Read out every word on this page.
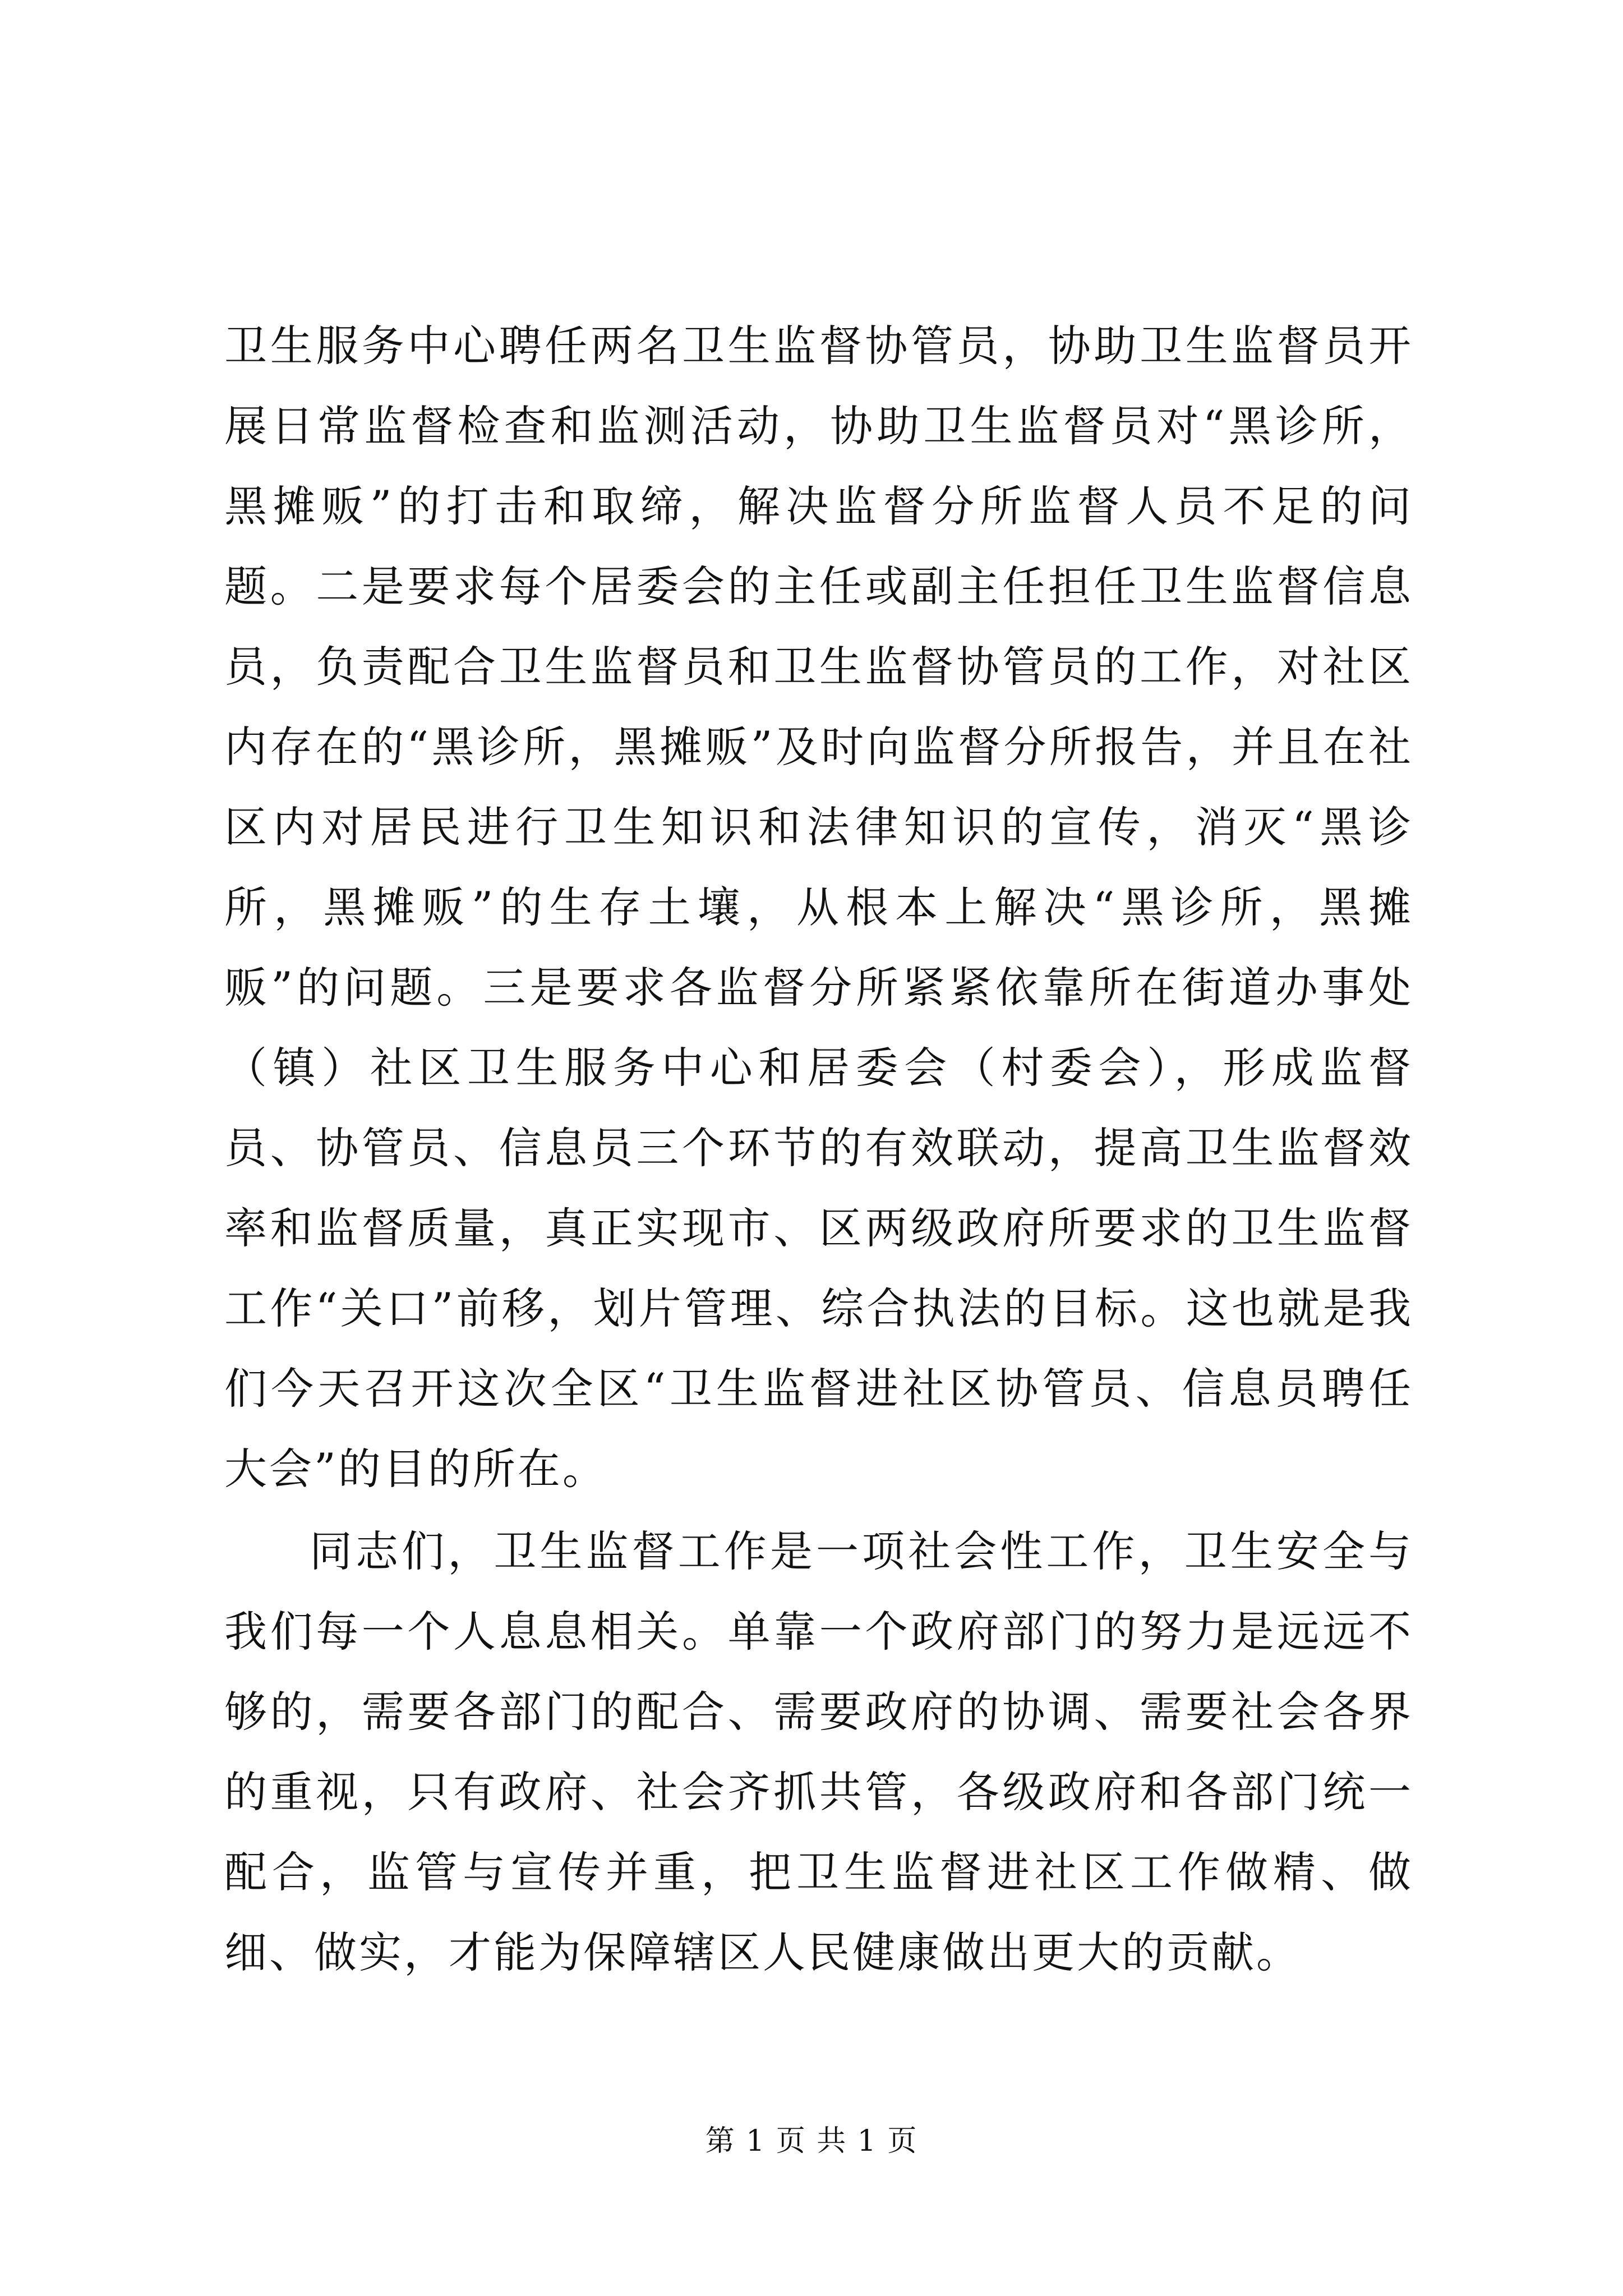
卫生服务中心聘任两名卫生监督协管员，协助卫生监督员开展日常监督检查和监测活动，协助卫生监督员对“黑诊所，黑摊贩”的打击和取缔，解决监督分所监督人员不足的问题。二是要求每个居委会的主任或副主任担任卫生监督信息员，负责配合卫生监督员和卫生监督协管员的工作，对社区内存在的“黑诊所，黑摊贩”及时向监督分所报告，并且在社区内对居民进行卫生知识和法律知识的宣传，消灭“黑诊所，黑摊贩”的生存土壤，从根本上解决“黑诊所，黑摊贩”的问题。三是要求各监督分所紧紧依靠所在街道办事处（镇）社区卫生服务中心和居委会（村委会），形成监督员、协管员、信息员三个环节的有效联动，提高卫生监督效率和监督质量，真正实现市、区两级政府所要求的卫生监督工作“关口”前移，划片管理、综合执法的目标。这也就是我们今天召开这次全区“卫生监督进社区协管员、信息员聘任大会”的目的所在。

同志们，卫生监督工作是一项社会性工作，卫生安全与我们每一个人息息相关。单靠一个政府部门的努力是远远不够的，需要各部门的配合、需要政府的协调、需要社会各界的重视，只有政府、社会齐抓共管，各级政府和各部门统一配合，监管与宣传并重，把卫生监督进社区工作做精、做细、做实，才能为保障辖区人民健康做出更大的贡献。

第 1 页 共 1 页
